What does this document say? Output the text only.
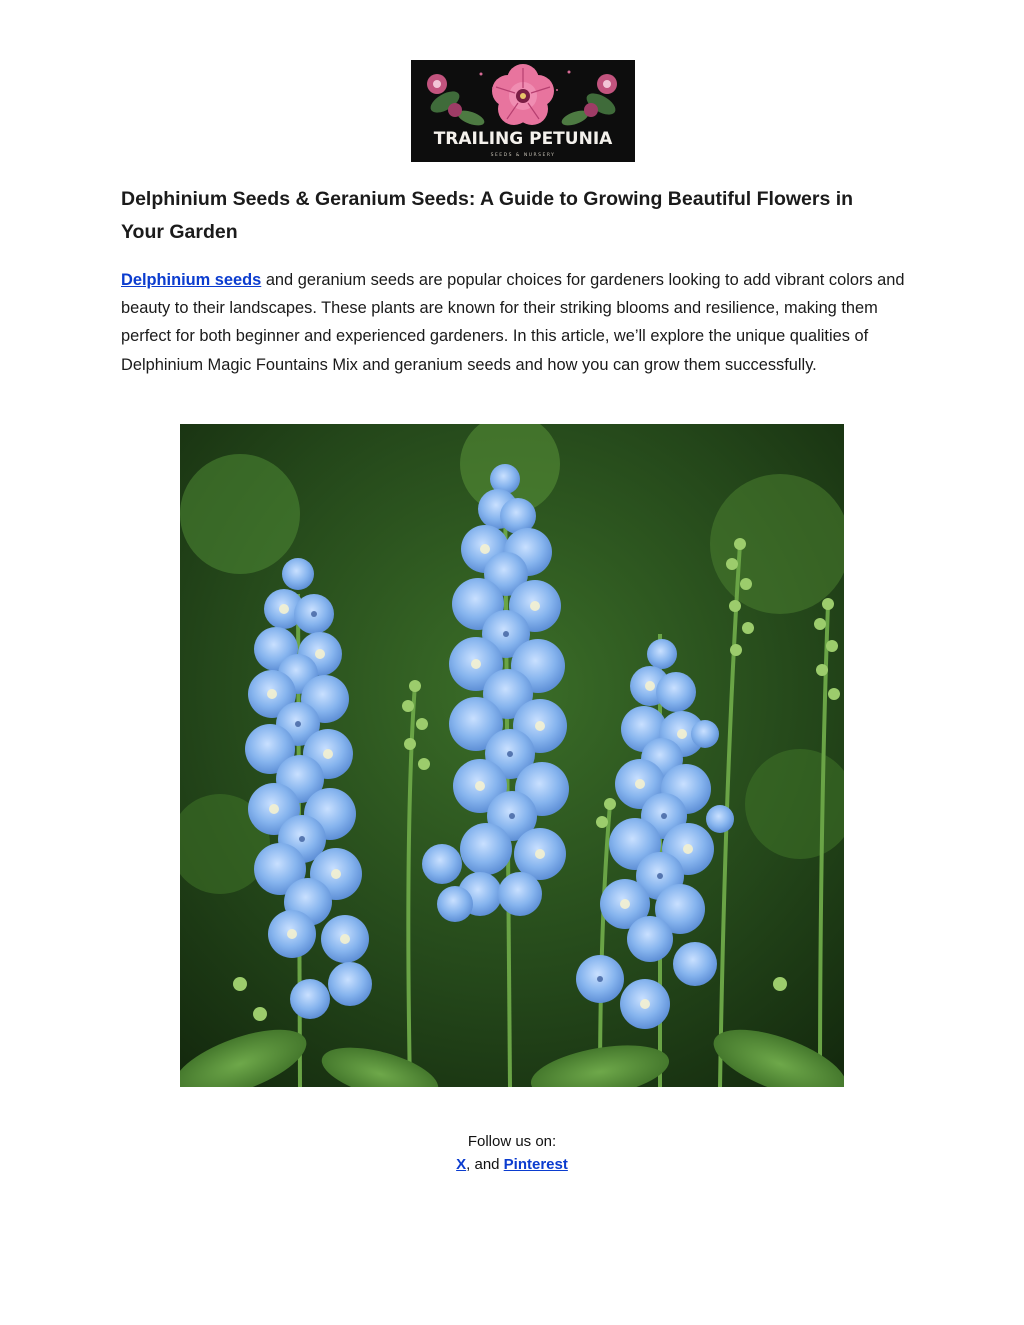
TRAILING PETUNIA
SEEDS & NURSERY
Delphinium Seeds & Geranium Seeds: A Guide to Growing Beautiful Flowers in Your Garden

Delphinium seeds and geranium seeds are popular choices for gardeners looking to add vibrant colors and beauty to their landscapes. These plants are known for their striking blooms and resilience, making them perfect for both beginner and experienced gardeners. In this article, we’ll explore the unique qualities of Delphinium Magic Fountains Mix and geranium seeds and how you can grow them successfully.

Follow us on:
X, and Pinterest
